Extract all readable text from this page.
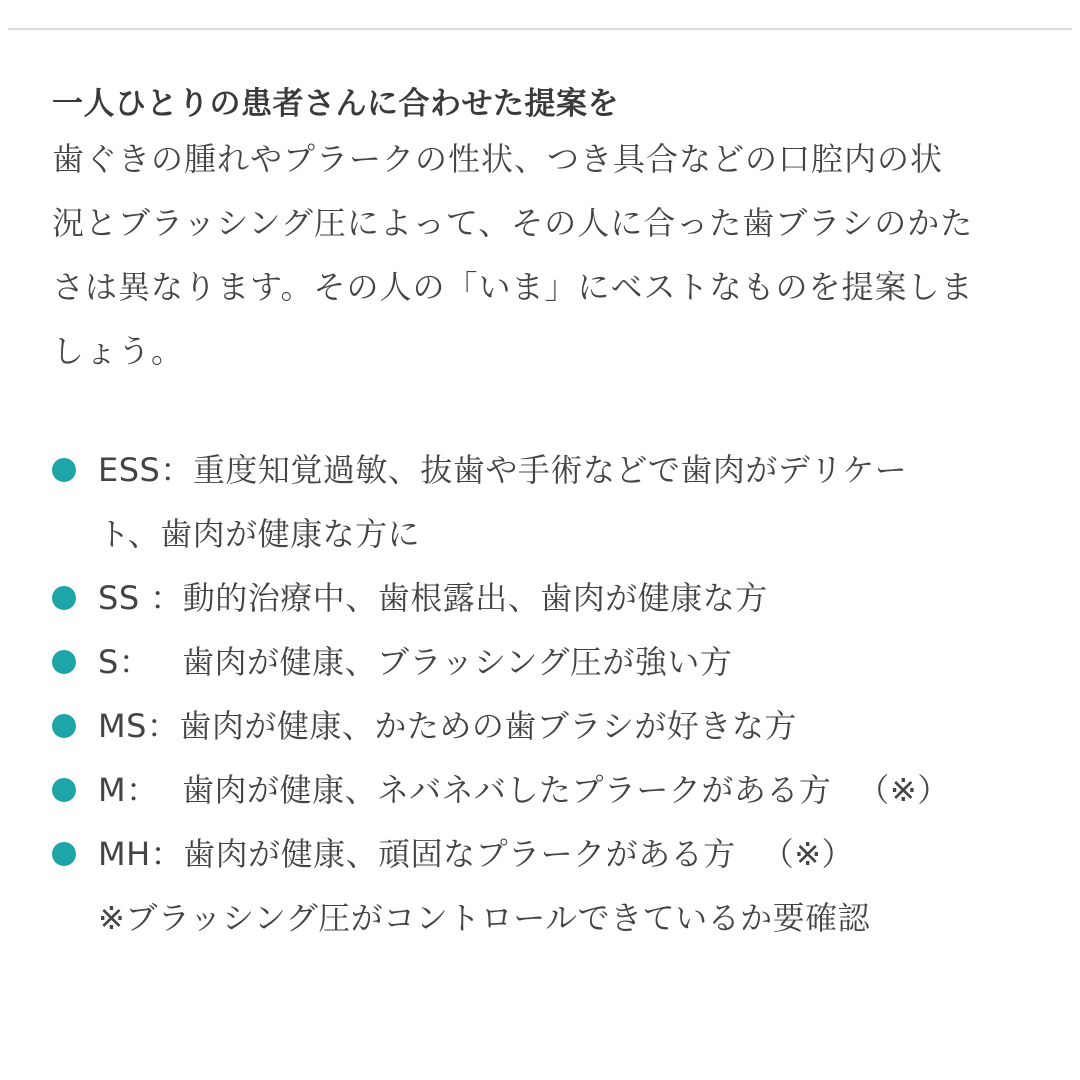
一人ひとりの患者さんに合わせた提案を
歯ぐきの腫れやプラークの性状、つき具合などの口腔内の状
況とブラッシング圧によって、その人に合った歯ブラシのかた
さは異なります。その人の「いま」にベストなものを提案しま
しょう。
ESS：重度知覚過敏、抜歯や手術などで歯肉がデリケー
ト、歯肉が健康な方に
SS ：動的治療中、歯根露出、歯肉が健康な方
S： 歯肉が健康、ブラッシング圧が強い方
MS：歯肉が健康、かための歯ブラシが好きな方
M： 歯肉が健康、ネバネバしたプラークがある方 （※）
MH：歯肉が健康、頑固なプラークがある方 （※）
※ブラッシング圧がコントロールできているか要確認
